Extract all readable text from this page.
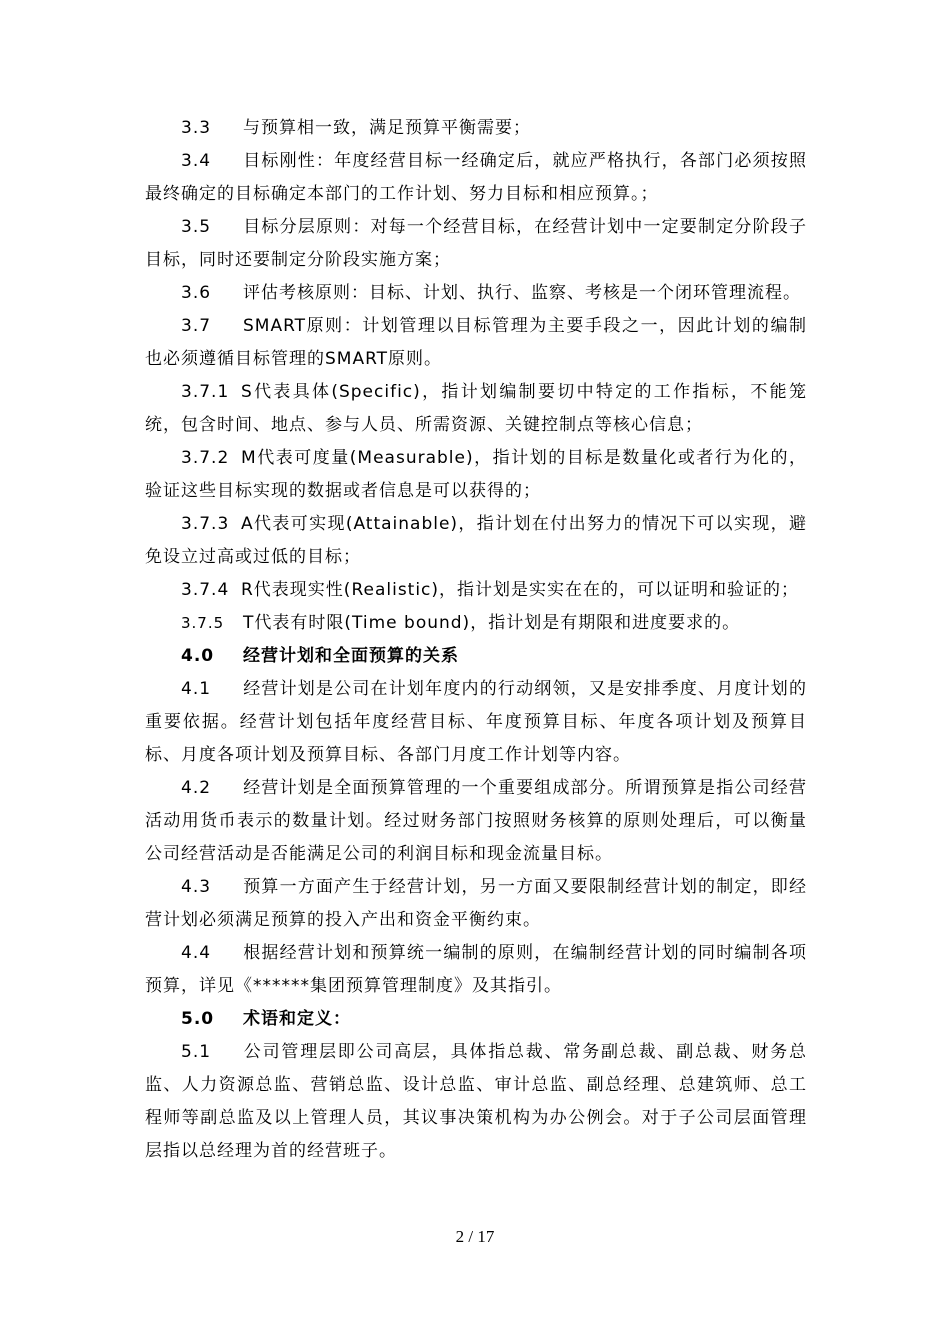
3.3 与预算相一致，满足预算平衡需要；

3.4 目标刚性：年度经营目标一经确定后，就应严格执行，各部门必须按照最终确定的目标确定本部门的工作计划、努力目标和相应预算。；

3.5 目标分层原则：对每一个经营目标，在经营计划中一定要制定分阶段子目标，同时还要制定分阶段实施方案；

3.6 评估考核原则：目标、计划、执行、监察、考核是一个闭环管理流程。

3.7 SMART原则：计划管理以目标管理为主要手段之一，因此计划的编制也必须遵循目标管理的SMART原则。

3.7.1 S代表具体(Specific)，指计划编制要切中特定的工作指标，不能笼统，包含时间、地点、参与人员、所需资源、关键控制点等核心信息；

3.7.2 M代表可度量(Measurable)，指计划的目标是数量化或者行为化的，验证这些目标实现的数据或者信息是可以获得的；

3.7.3 A代表可实现(Attainable)，指计划在付出努力的情况下可以实现，避免设立过高或过低的目标；

3.7.4 R代表现实性(Realistic)，指计划是实实在在的，可以证明和验证的；

3.7.5 T代表有时限(Time bound)，指计划是有期限和进度要求的。

4.0 经营计划和全面预算的关系

4.1 经营计划是公司在计划年度内的行动纲领，又是安排季度、月度计划的重要依据。经营计划包括年度经营目标、年度预算目标、年度各项计划及预算目标、月度各项计划及预算目标、各部门月度工作计划等内容。

4.2 经营计划是全面预算管理的一个重要组成部分。所谓预算是指公司经营活动用货币表示的数量计划。经过财务部门按照财务核算的原则处理后，可以衡量公司经营活动是否能满足公司的利润目标和现金流量目标。

4.3 预算一方面产生于经营计划，另一方面又要限制经营计划的制定，即经营计划必须满足预算的投入产出和资金平衡约束。

4.4 根据经营计划和预算统一编制的原则，在编制经营计划的同时编制各项预算，详见《******集团预算管理制度》及其指引。

5.0 术语和定义：

5.1 公司管理层即公司高层，具体指总裁、常务副总裁、副总裁、财务总监、人力资源总监、营销总监、设计总监、审计总监、副总经理、总建筑师、总工程师等副总监及以上管理人员，其议事决策机构为办公例会。对于子公司层面管理层指以总经理为首的经营班子。

2 / 17
